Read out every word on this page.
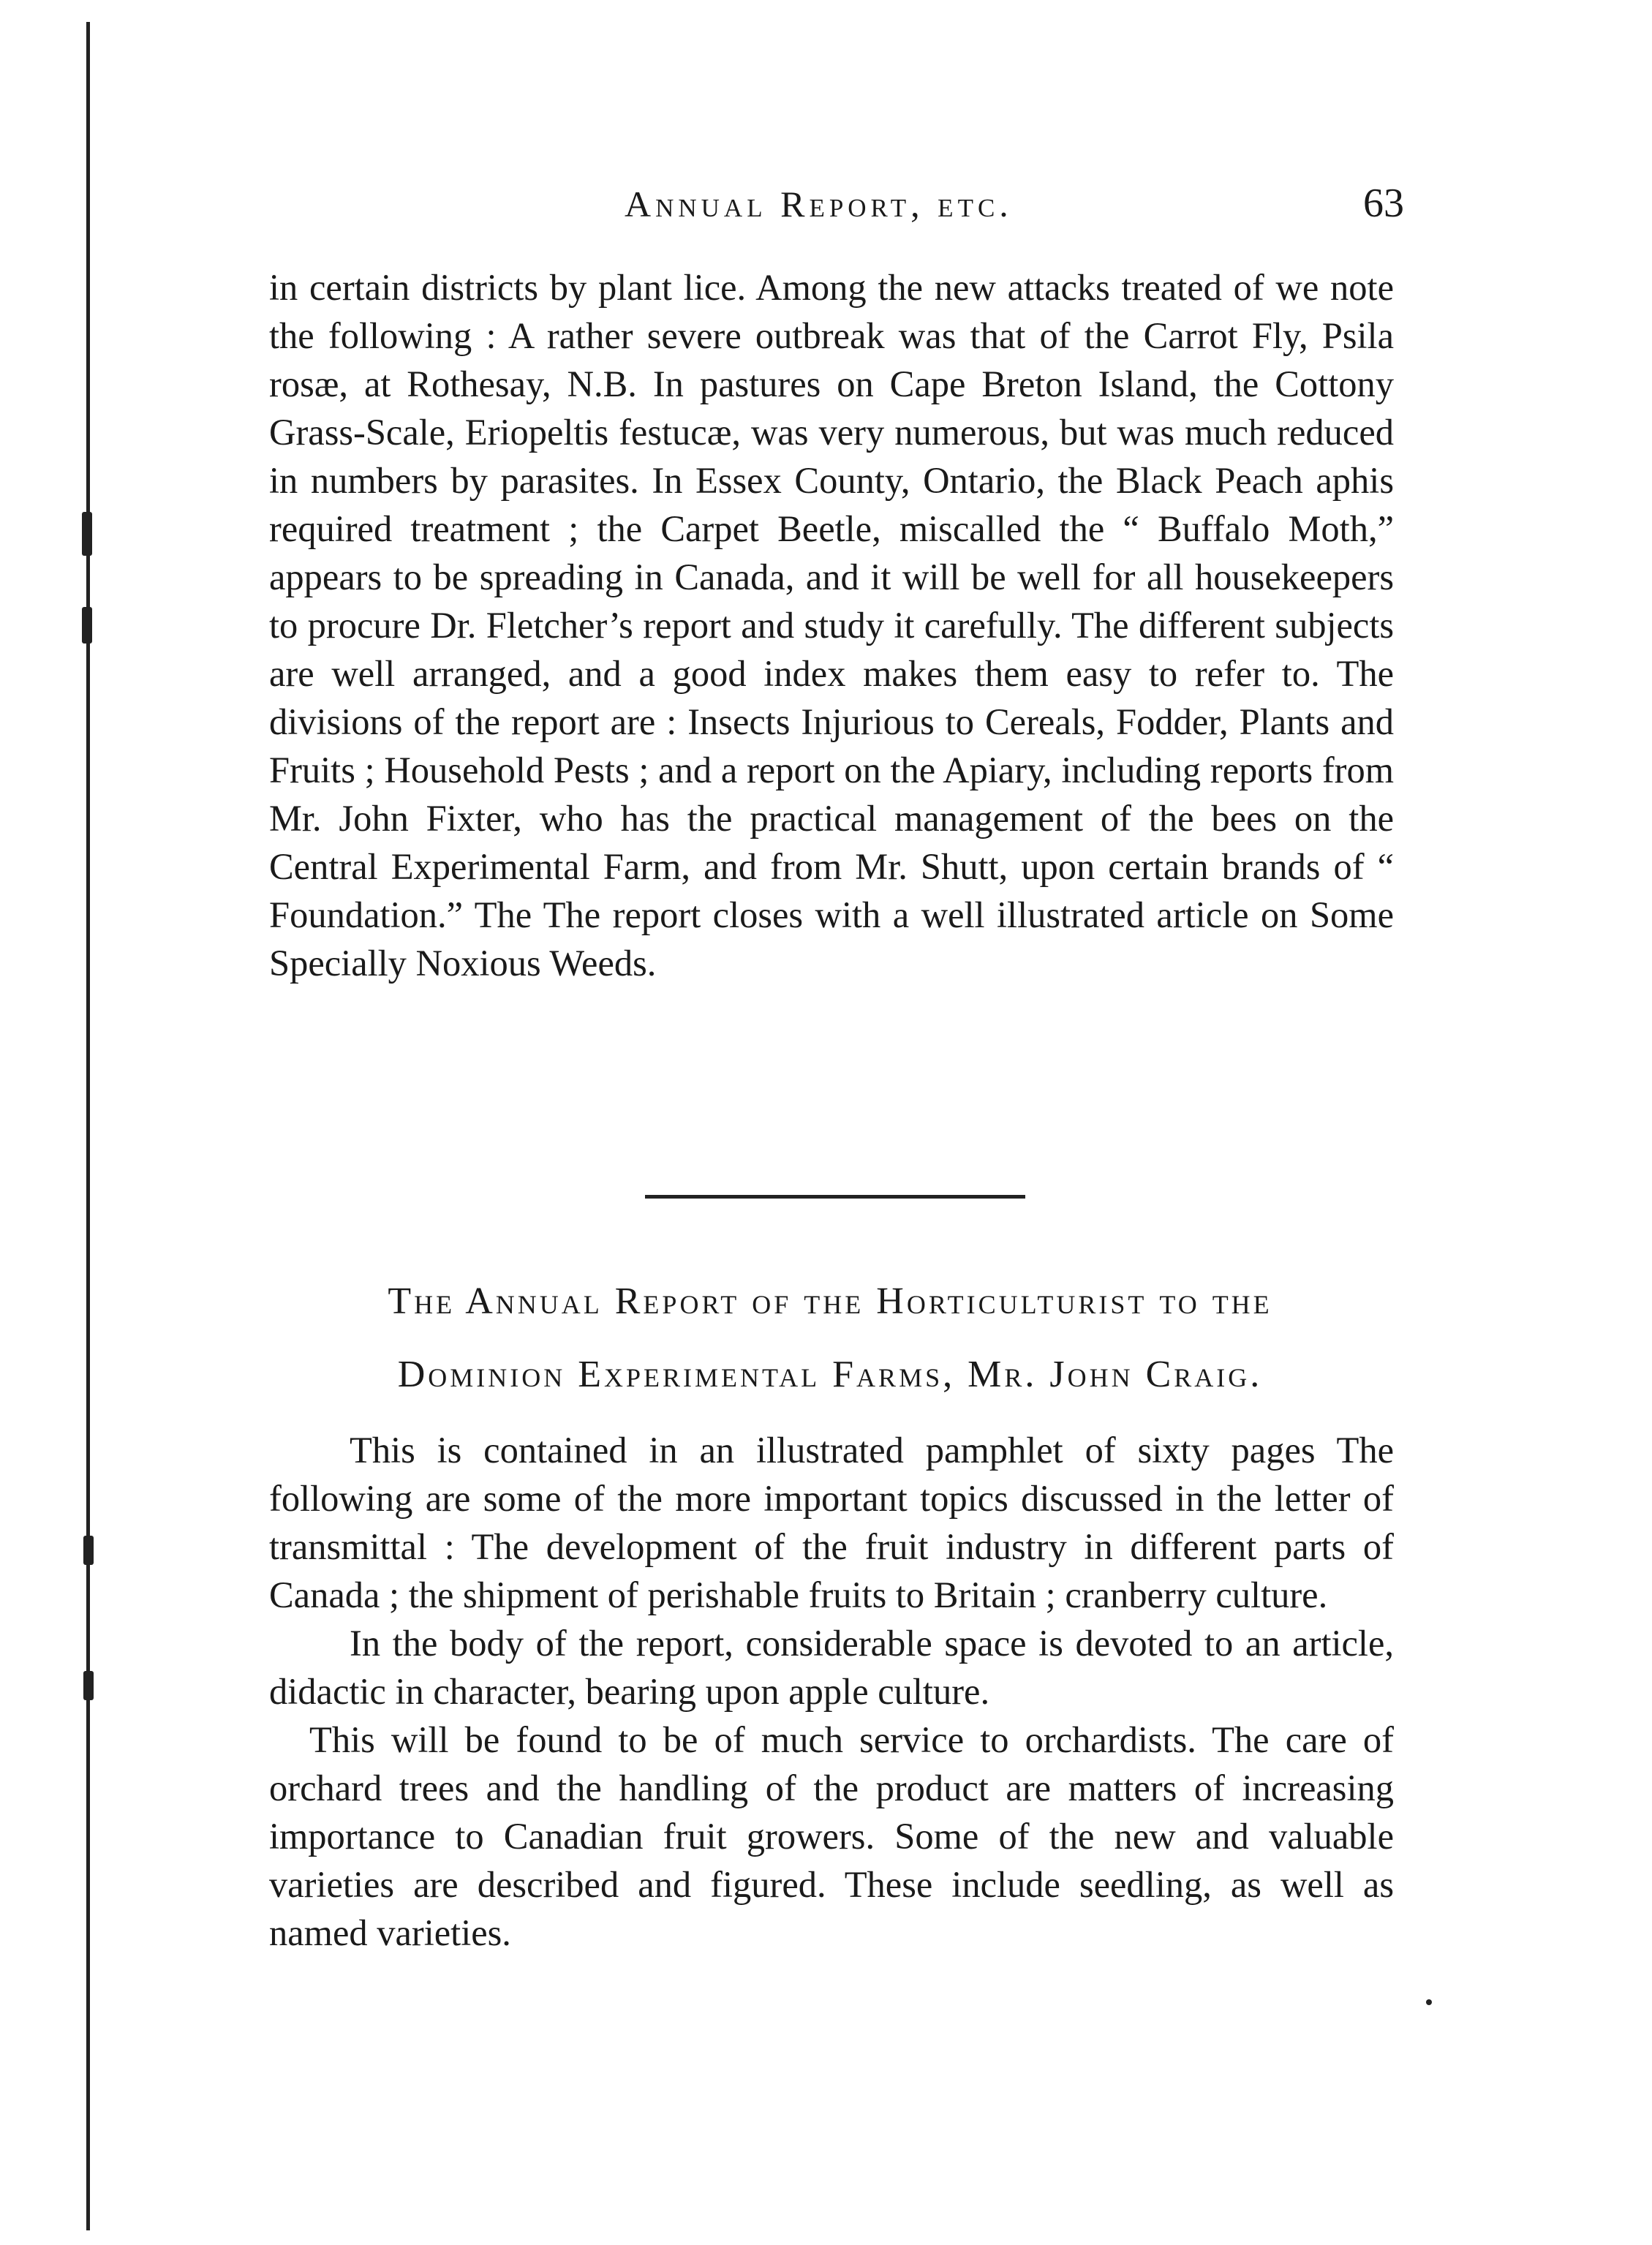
Annual Report, etc.	63

in certain districts by plant lice. Among the new attacks treated of we note the following : A rather severe outbreak was that of the Carrot Fly, Psila rosæ, at Rothesay, N.B. In pastures on Cape Breton Island, the Cottony Grass-Scale, Eriopeltis festucæ, was very numerous, but was much reduced in numbers by parasites. In Essex County, Ontario, the Black Peach aphis required treatment ; the Carpet Beetle, miscalled the “ Buffalo Moth,” appears to be spreading in Canada, and it will be well for all housekeepers to procure Dr. Fletcher’s report and study it carefully. The different subjects are well arranged, and a good index makes them easy to refer to. The divisions of the report are : Insects Injurious to Cereals, Fodder, Plants and Fruits ; Household Pests ; and a report on the Apiary, including reports from Mr. John Fixter, who has the practical management of the bees on the Central Experimental Farm, and from Mr. Shutt, upon certain brands of “ Foundation.” The The report closes with a well illustrated article on Some Specially Noxious Weeds.

The Annual Report of the Horticulturist to the
Dominion Experimental Farms, Mr. John Craig.

This is contained in an illustrated pamphlet of sixty pages The following are some of the more important topics discussed in the letter of transmittal : The development of the fruit industry in different parts of Canada ; the shipment of perishable fruits to Britain ; cranberry culture.

In the body of the report, considerable space is devoted to an article, didactic in character, bearing upon apple culture.

This will be found to be of much service to orchardists. The care of orchard trees and the handling of the product are matters of increasing importance to Canadian fruit growers. Some of the new and valuable varieties are described and figured. These include seedling, as well as named varieties.
